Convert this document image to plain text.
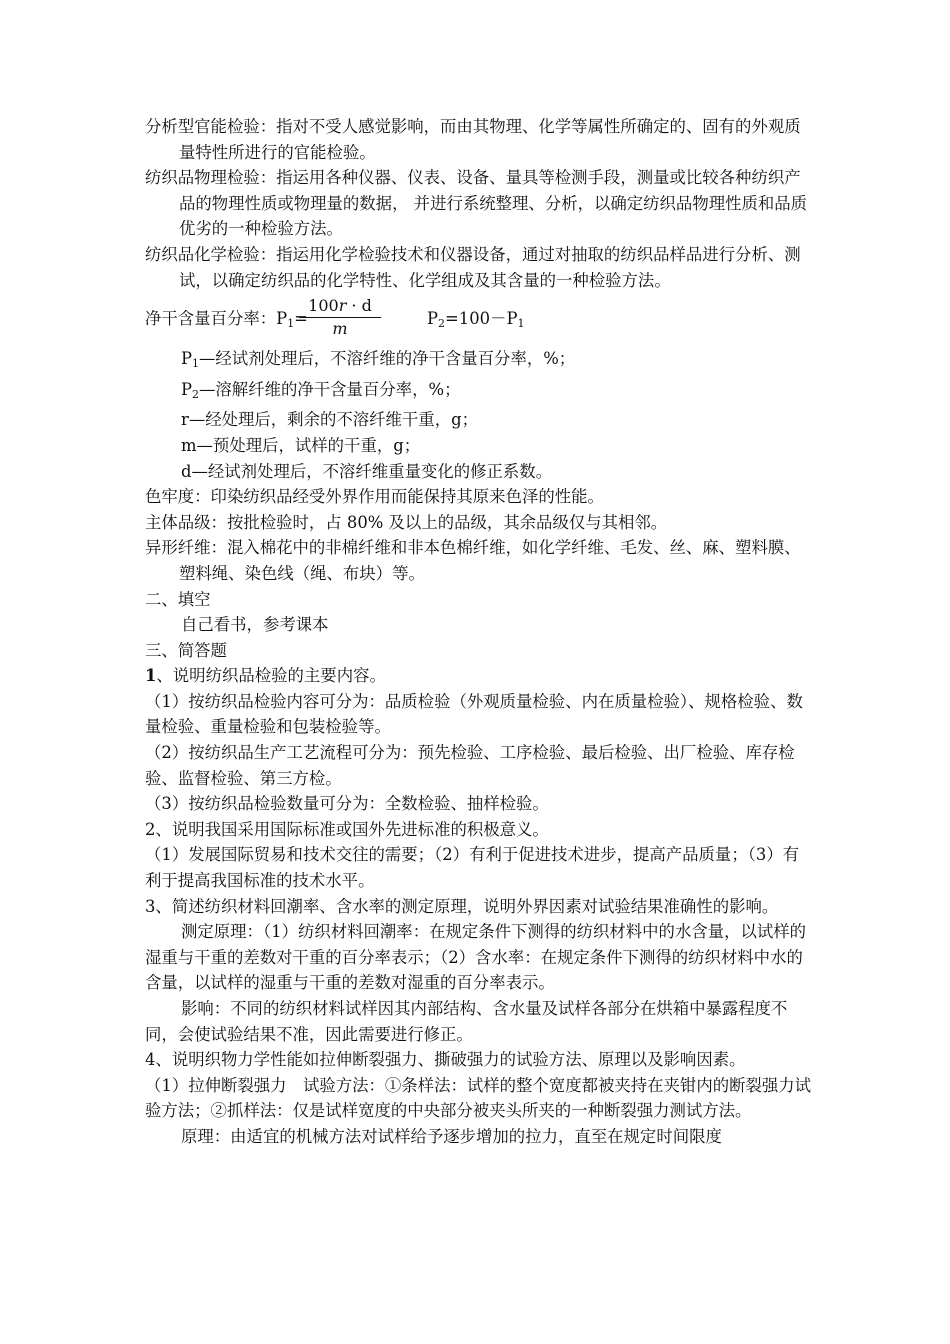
分析型官能检验：指对不受人感觉影响，而由其物理、化学等属性所确定的、固有的外观质量特性所进行的官能检验。

纺织品物理检验：指运用各种仪器、仪表、设备、量具等检测手段，测量或比较各种纺织产品的物理性质或物理量的数据， 并进行系统整理、分析，以确定纺织品物理性质和品质优劣的一种检验方法。

纺织品化学检验：指运用化学检验技术和仪器设备，通过对抽取的纺织品样品进行分析、测试，以确定纺织品的化学特性、化学组成及其含量的一种检验方法。

净干含量百分率：$P_1=$
100r · d
m
$P_2=100-P_1$

$P_1—$经试剂处理后，不溶纤维的净干含量百分率，%；

$P_2—$溶解纤维的净干含量百分率，%；

r—经处理后，剩余的不溶纤维干重，g；

m—预处理后，试样的干重，g；

d—经试剂处理后，不溶纤维重量变化的修正系数。

色牢度：印染纺织品经受外界作用而能保持其原来色泽的性能。

主体品级：按批检验时，占 80% 及以上的品级，其余品级仅与其相邻。

异形纤维：混入棉花中的非棉纤维和非本色棉纤维，如化学纤维、毛发、丝、麻、塑料膜、塑料绳、染色线（绳、布块）等。

二、填空

自己看书，参考课本

三、简答题

1、说明纺织品检验的主要内容。

（1）按纺织品检验内容可分为：品质检验（外观质量检验、内在质量检验）、规格检验、数量检验、重量检验和包装检验等。

（2）按纺织品生产工艺流程可分为：预先检验、工序检验、最后检验、出厂检验、库存检验、监督检验、第三方检。

（3）按纺织品检验数量可分为：全数检验、抽样检验。

2、说明我国采用国际标准或国外先进标准的积极意义。

（1）发展国际贸易和技术交往的需要；（2）有利于促进技术进步，提高产品质量；（3）有利于提高我国标准的技术水平。

3、简述纺织材料回潮率、含水率的测定原理，说明外界因素对试验结果准确性的影响。

测定原理：（1）纺织材料回潮率：在规定条件下测得的纺织材料中的水含量，以试样的湿重与干重的差数对干重的百分率表示；（2）含水率：在规定条件下测得的纺织材料中水的含量，以试样的湿重与干重的差数对湿重的百分率表示。

影响：不同的纺织材料试样因其内部结构、含水量及试样各部分在烘箱中暴露程度不同，会使试验结果不准，因此需要进行修正。

4、说明织物力学性能如拉伸断裂强力、撕破强力的试验方法、原理以及影响因素。

（1）拉伸断裂强力　试验方法：①条样法：试样的整个宽度都被夹持在夹钳内的断裂强力试验方法；②抓样法：仅是试样宽度的中央部分被夹头所夹的一种断裂强力测试方法。

原理：由适宜的机械方法对试样给予逐步增加的拉力，直至在规定时间限度
